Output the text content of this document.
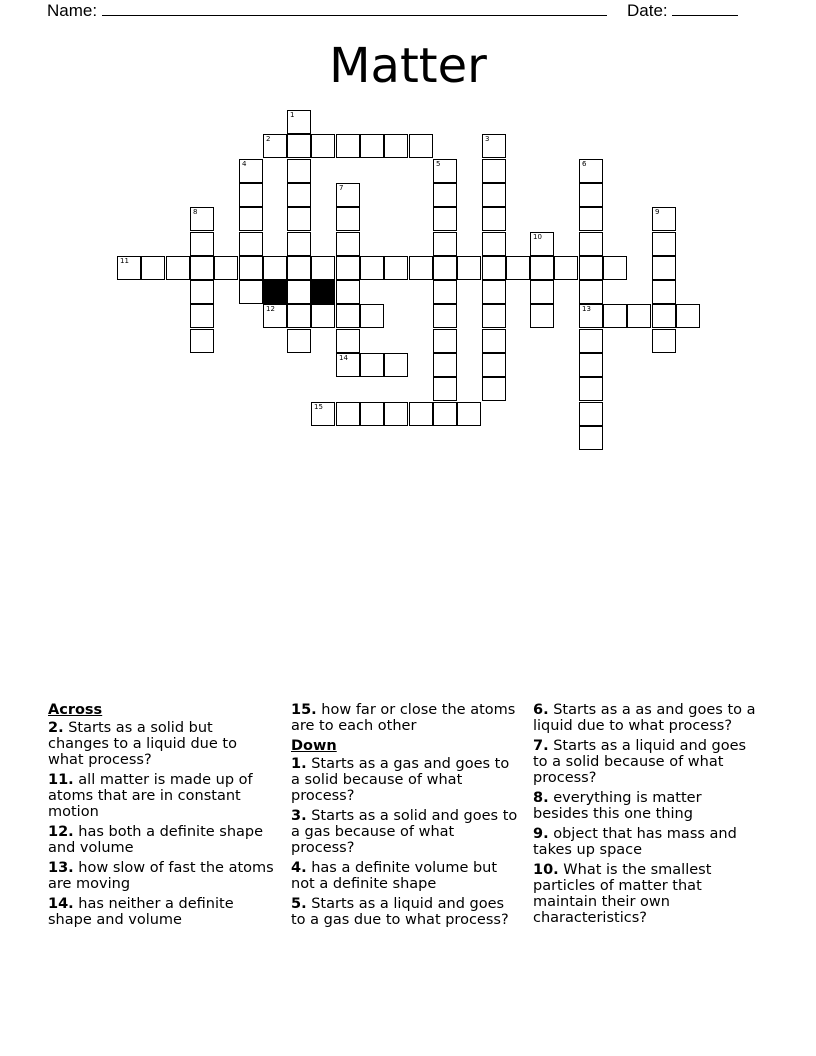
Name:	Date:
Matter
2
11
12	13
14
15
1
3
4	5	6
7
8	9
10
Across
2. Starts as a solid but changes to a liquid due to what process?
11. all matter is made up of atoms that are in constant motion
12. has both a definite shape and volume
13. how slow of fast the atoms are moving
14. has neither a definite shape and volume
15. how far or close the atoms are to each other
Down
1. Starts as a gas and goes to a solid because of what process?
3. Starts as a solid and goes to a gas because of what process?
4. has a definite volume but not a definite shape
5. Starts as a liquid and goes to a gas due to what process?
6. Starts as a as and goes to a liquid due to what process?
7. Starts as a liquid and goes to a solid because of what process?
8. everything is matter besides this one thing
9. object that has mass and takes up space
10. What is the smallest particles of matter that maintain their own characteristics?
